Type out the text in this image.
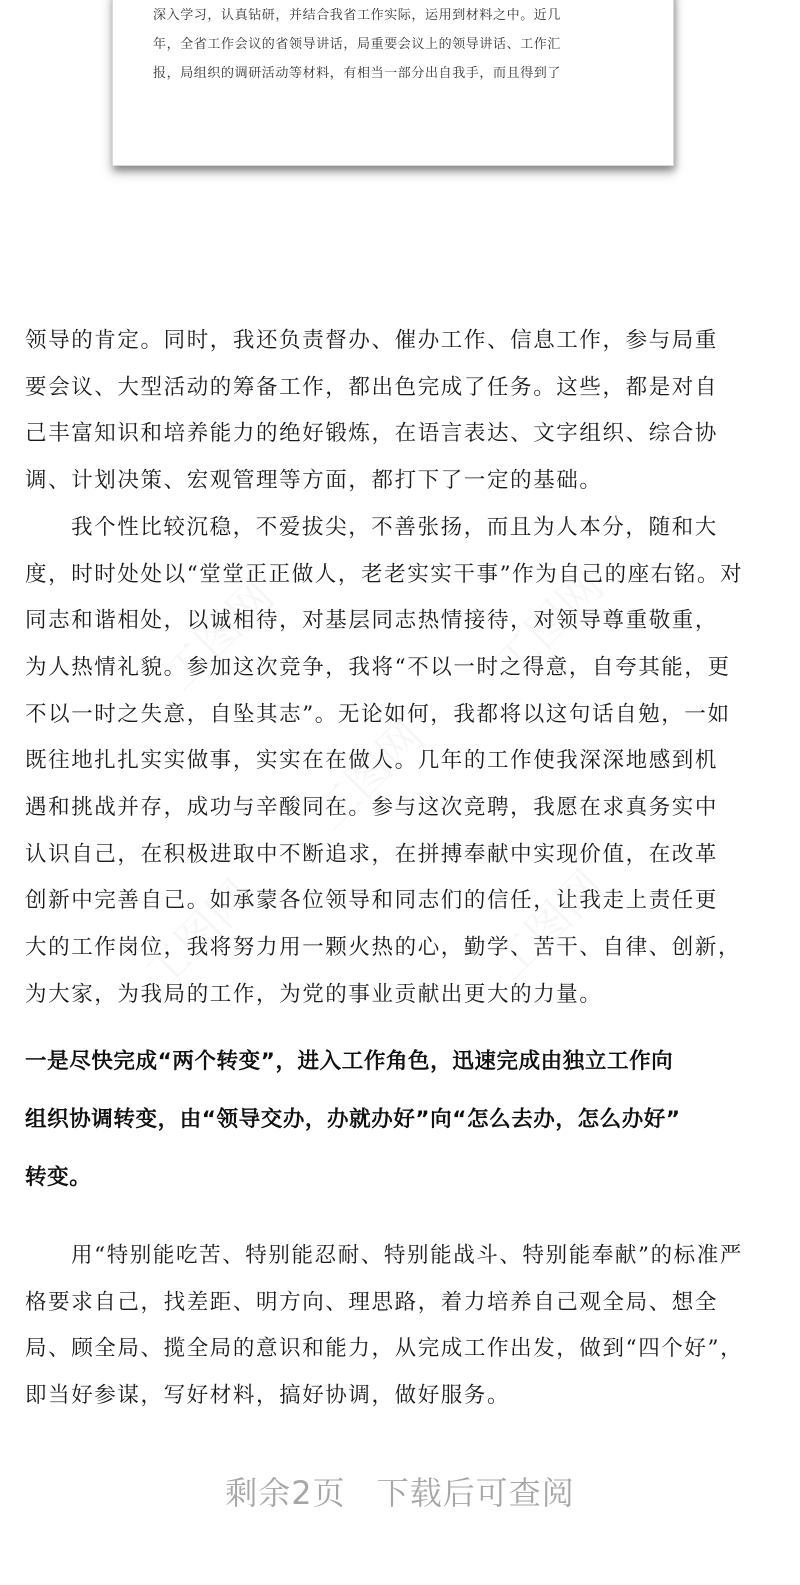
深入学习，认真钻研，并结合我省工作实际，运用到材料之中。近几
年，全省工作会议的省领导讲话，局重要会议上的领导讲话、工作汇
报，局组织的调研活动等材料，有相当一部分出自我手，而且得到了
领导的肯定。同时，我还负责督办、催办工作、信息工作，参与局重
要会议、大型活动的筹备工作，都出色完成了任务。这些，都是对自
己丰富知识和培养能力的绝好锻炼，在语言表达、文字组织、综合协
调、计划决策、宏观管理等方面，都打下了一定的基础。
我个性比较沉稳，不爱拔尖，不善张扬，而且为人本分，随和大
度，时时处处以“堂堂正正做人，老老实实干事”作为自己的座右铭。对
同志和谐相处，以诚相待，对基层同志热情接待，对领导尊重敬重，
为人热情礼貌。参加这次竞争，我将“不以一时之得意，自夸其能，更
不以一时之失意，自坠其志”。无论如何，我都将以这句话自勉，一如
既往地扎扎实实做事，实实在在做人。几年的工作使我深深地感到机
遇和挑战并存，成功与辛酸同在。参与这次竞聘，我愿在求真务实中
认识自己，在积极进取中不断追求，在拼搏奉献中实现价值，在改革
创新中完善自己。如承蒙各位领导和同志们的信任，让我走上责任更
大的工作岗位，我将努力用一颗火热的心，勤学、苦干、自律、创新，
为大家，为我局的工作，为党的事业贡献出更大的力量。
一是尽快完成“两个转变”，进入工作角色，迅速完成由独立工作向
组织协调转变，由“领导交办，办就办好”向“怎么去办，怎么办好”
转变。
用“特别能吃苦、特别能忍耐、特别能战斗、特别能奉献”的标准严
格要求自己，找差距、明方向、理思路，着力培养自己观全局、想全
局、顾全局、揽全局的意识和能力，从完成工作出发，做到“四个好”，
即当好参谋，写好材料，搞好协调，做好服务。
剩余2页 下载后可查阅
